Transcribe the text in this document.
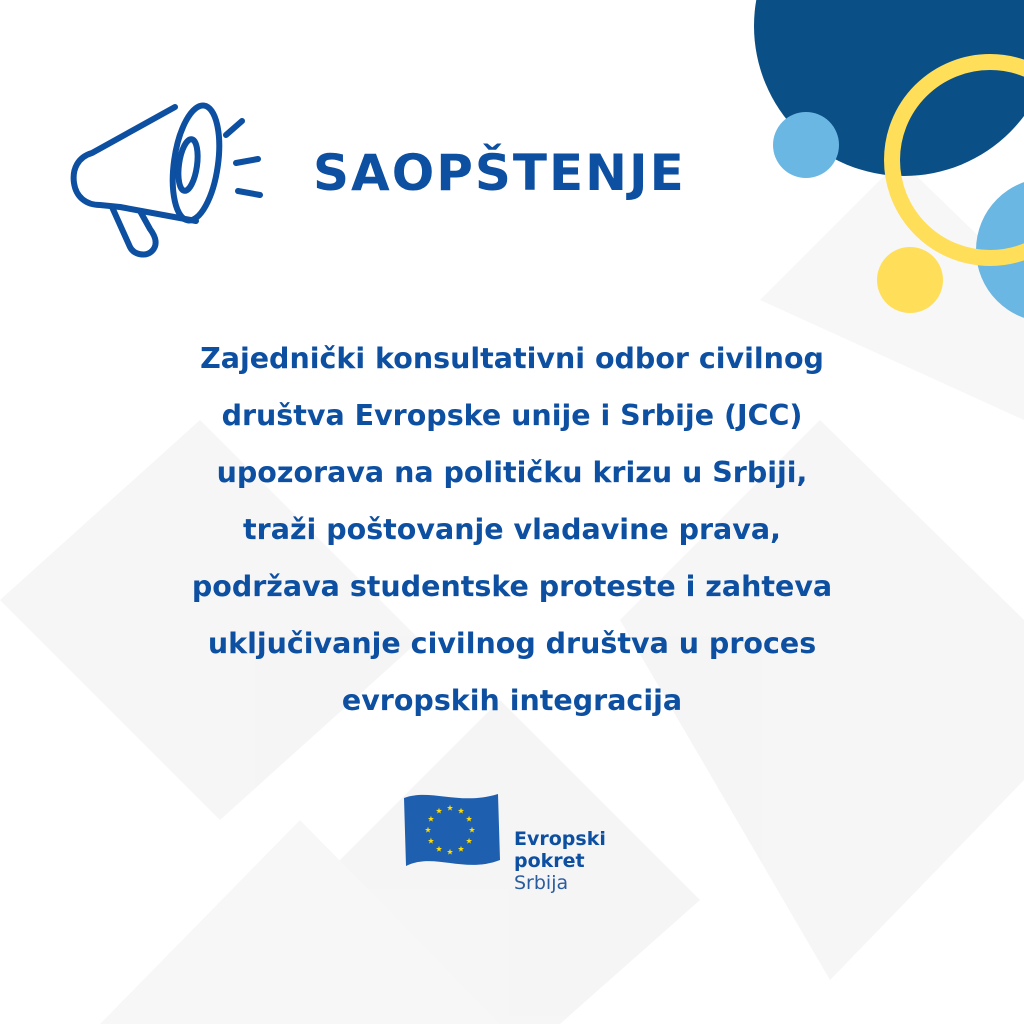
SAOPŠTENJE
Zajednički konsultativni odbor civilnog
društva Evropske unije i Srbije (JCC)
upozorava na političku krizu u Srbiji,
traži poštovanje vladavine prava,
podržava studentske proteste i zahteva
uključivanje civilnog društva u proces
evropskih integracija
Evropski
pokret
Srbija
